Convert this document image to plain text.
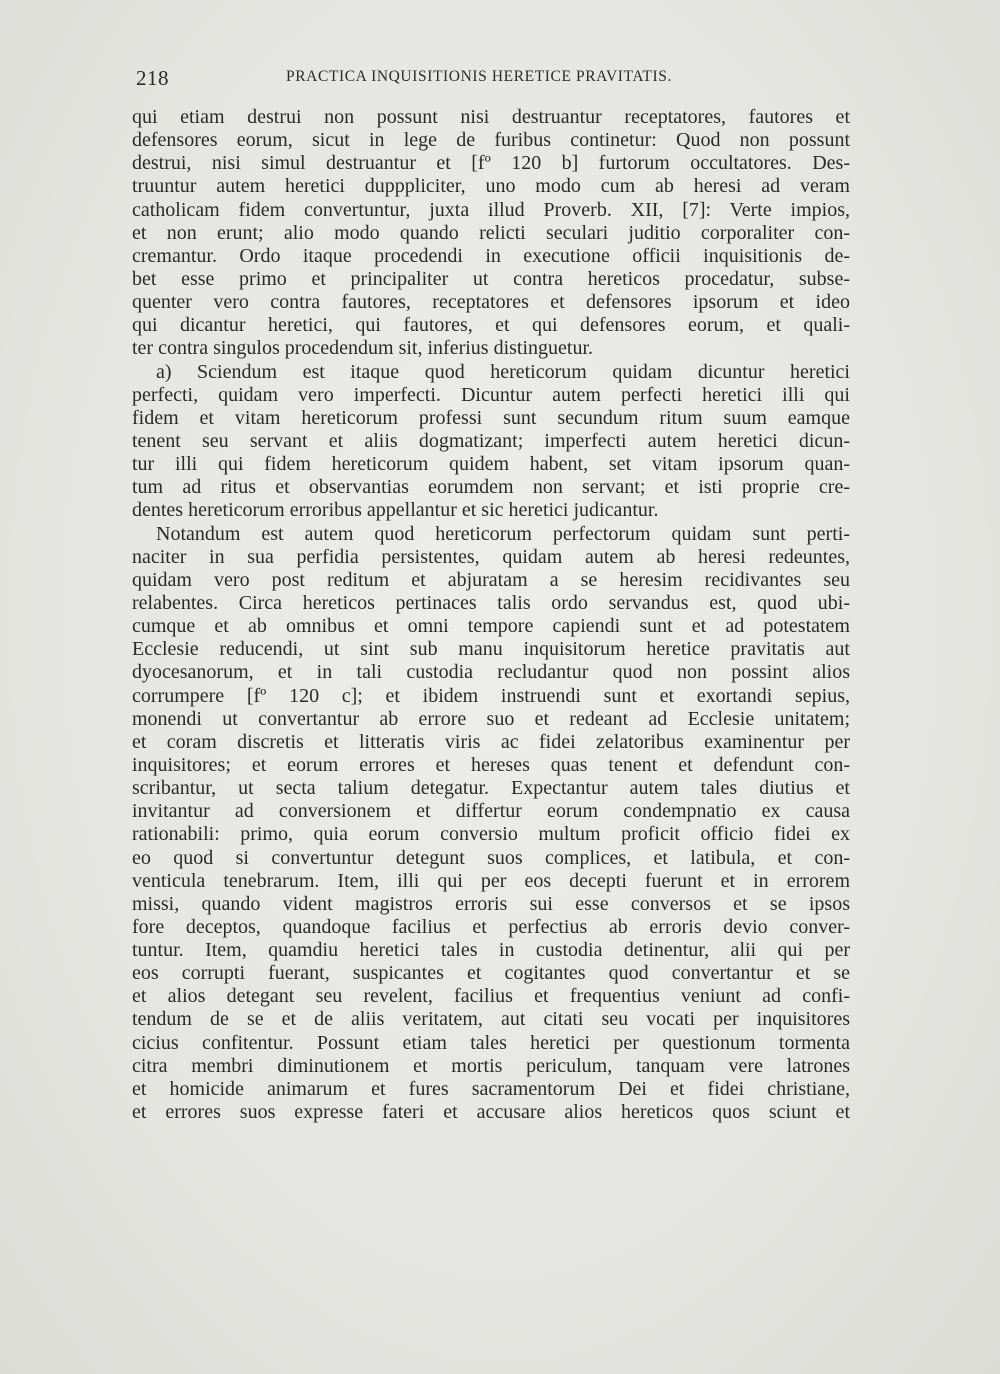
218	PRACTICA INQUISITIONIS HERETICE PRAVITATIS.
qui etiam destrui non possunt nisi destruantur receptatores, fautores et
defensores eorum, sicut in lege de furibus continetur: Quod non possunt
destrui, nisi simul destruantur et [fº 120 b] furtorum occultatores. Des-
truuntur autem heretici dupppliciter, uno modo cum ab heresi ad veram
catholicam fidem convertuntur, juxta illud Proverb. XII, [7]: Verte impios,
et non erunt; alio modo quando relicti seculari juditio corporaliter con-
cremantur. Ordo itaque procedendi in executione officii inquisitionis de-
bet esse primo et principaliter ut contra hereticos procedatur, subse-
quenter vero contra fautores, receptatores et defensores ipsorum et ideo
qui dicantur heretici, qui fautores, et qui defensores eorum, et quali-
ter contra singulos procedendum sit, inferius distinguetur.
a) Sciendum est itaque quod hereticorum quidam dicuntur heretici
perfecti, quidam vero imperfecti. Dicuntur autem perfecti heretici illi qui
fidem et vitam hereticorum professi sunt secundum ritum suum eamque
tenent seu servant et aliis dogmatizant; imperfecti autem heretici dicun-
tur illi qui fidem hereticorum quidem habent, set vitam ipsorum quan-
tum ad ritus et observantias eorumdem non servant; et isti proprie cre-
dentes hereticorum erroribus appellantur et sic heretici judicantur.
Notandum est autem quod hereticorum perfectorum quidam sunt perti-
naciter in sua perfidia persistentes, quidam autem ab heresi redeuntes,
quidam vero post reditum et abjuratam a se heresim recidivantes seu
relabentes. Circa hereticos pertinaces talis ordo servandus est, quod ubi-
cumque et ab omnibus et omni tempore capiendi sunt et ad potestatem
Ecclesie reducendi, ut sint sub manu inquisitorum heretice pravitatis aut
dyocesanorum, et in tali custodia recludantur quod non possint alios
corrumpere [fº 120 c]; et ibidem instruendi sunt et exortandi sepius,
monendi ut convertantur ab errore suo et redeant ad Ecclesie unitatem;
et coram discretis et litteratis viris ac fidei zelatoribus examinentur per
inquisitores; et eorum errores et hereses quas tenent et defendunt con-
scribantur, ut secta talium detegatur. Expectantur autem tales diutius et
invitantur ad conversionem et differtur eorum condempnatio ex causa
rationabili: primo, quia eorum conversio multum proficit officio fidei ex
eo quod si convertuntur detegunt suos complices, et latibula, et con-
venticula tenebrarum. Item, illi qui per eos decepti fuerunt et in errorem
missi, quando vident magistros erroris sui esse conversos et se ipsos
fore deceptos, quandoque facilius et perfectius ab erroris devio conver-
tuntur. Item, quamdiu heretici tales in custodia detinentur, alii qui per
eos corrupti fuerant, suspicantes et cogitantes quod convertantur et se
et alios detegant seu revelent, facilius et frequentius veniunt ad confi-
tendum de se et de aliis veritatem, aut citati seu vocati per inquisitores
cicius confitentur. Possunt etiam tales heretici per questionum tormenta
citra membri diminutionem et mortis periculum, tanquam vere latrones
et homicide animarum et fures sacramentorum Dei et fidei christiane,
et errores suos expresse fateri et accusare alios hereticos quos sciunt et
